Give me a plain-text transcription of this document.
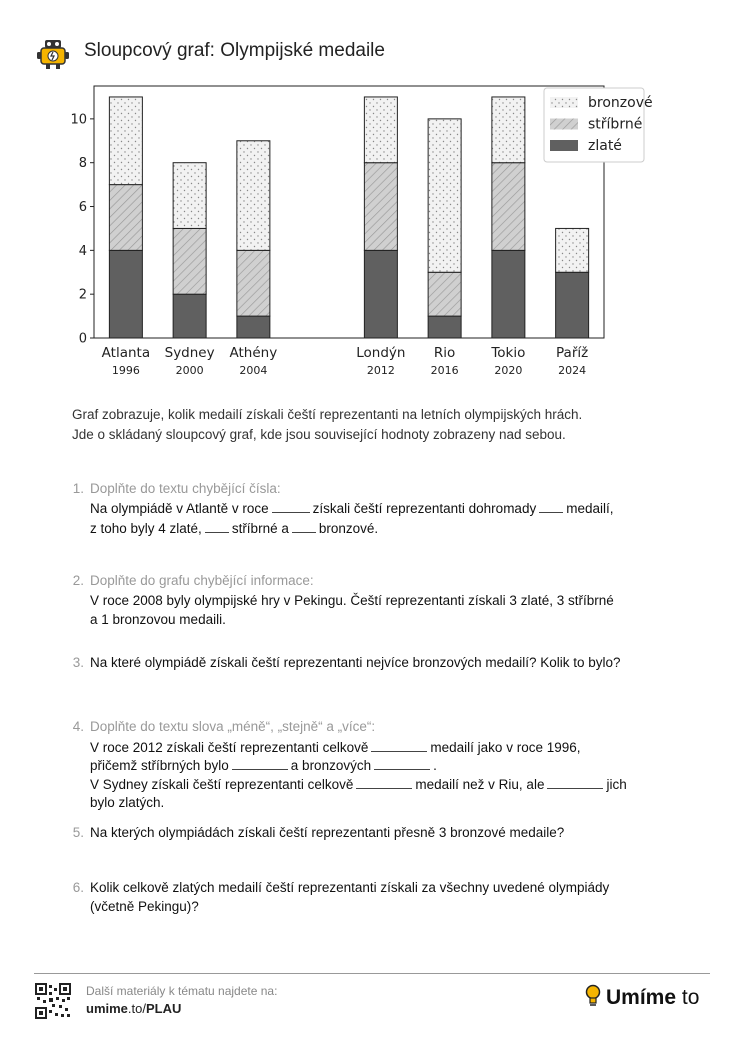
Sloupcový graf: Olympijské medaile
Atlanta
1996
Sydney
2000
Athény
2004
Londýn
2012
Rio
2016
Tokio
2020
Paříž
2024
0
2
4
6
8
10
bronzové
stříbrné
zlaté
Graf zobrazuje, kolik medailí získali čeští reprezentanti na letních olympijských hrách.
Jde o skládaný sloupcový graf, kde jsou související hodnoty zobrazeny nad sebou.
1. Doplňte do textu chybějící čísla:
Na olympiádě v Atlantě v roce	získali čeští reprezentanti dohromady medailí,
z toho byly 4 zlaté, stříbrné a bronzové.
2. Doplňte do grafu chybějící informace:
V roce 2008 byly olympijské hry v Pekingu. Čeští reprezentanti získali 3 zlaté, 3 stříbrné
a 1 bronzovou medaili.
3. Na které olympiádě získali čeští reprezentanti nejvíce bronzových medailí? Kolik to bylo?
4. Doplňte do textu slova „méně“, „stejně“ a „více“:
V roce 2012 získali čeští reprezentanti celkově	medailí jako v roce 1996,
přičemž stříbrných bylo	a bronzových	.
V Sydney získali čeští reprezentanti celkově	medailí než v Riu, ale	jich
bylo zlatých.
5. Na kterých olympiádách získali čeští reprezentanti přesně 3 bronzové medaile?
6. Kolik celkově zlatých medailí čeští reprezentanti získali za všechny uvedené olympiády
(včetně Pekingu)?
Další materiály k tématu najdete na:
umime.to/PLAU	Umíme to
